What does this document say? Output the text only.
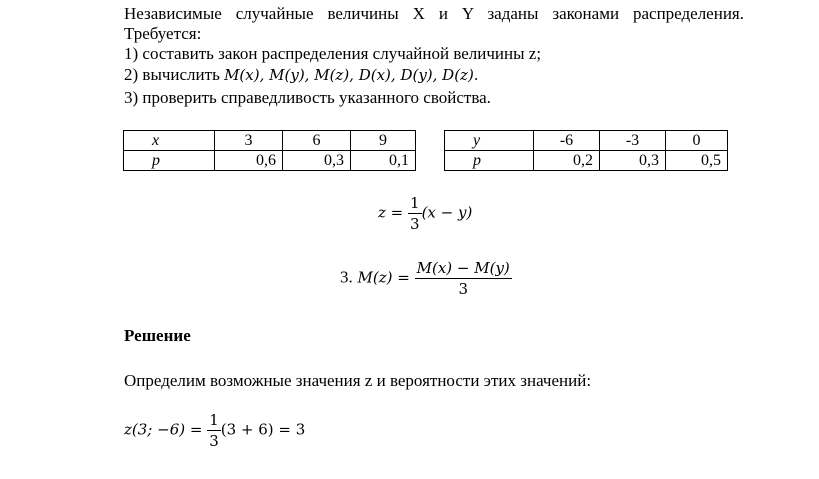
Независимые случайные величины X и Y заданы законами распределения.
Требуется:
1) составить закон распределения случайной величины z;
2) вычислить M(x), M(y), M(z), D(x), D(y), D(z).
3) проверить справедливость указанного свойства.
x	3	6	9
p	0,6	0,3	0,1
y	-6	-3	0
p	0,2	0,3	0,5
$z = \frac{1}{3} (x - y)$
3. $M(z) = \frac{M(x) - M(y)}{3}$
Решение
Определим возможные значения z и вероятности этих значений:
z(3; $-6) = \frac{1}{3} (3 + 6) = 3$
